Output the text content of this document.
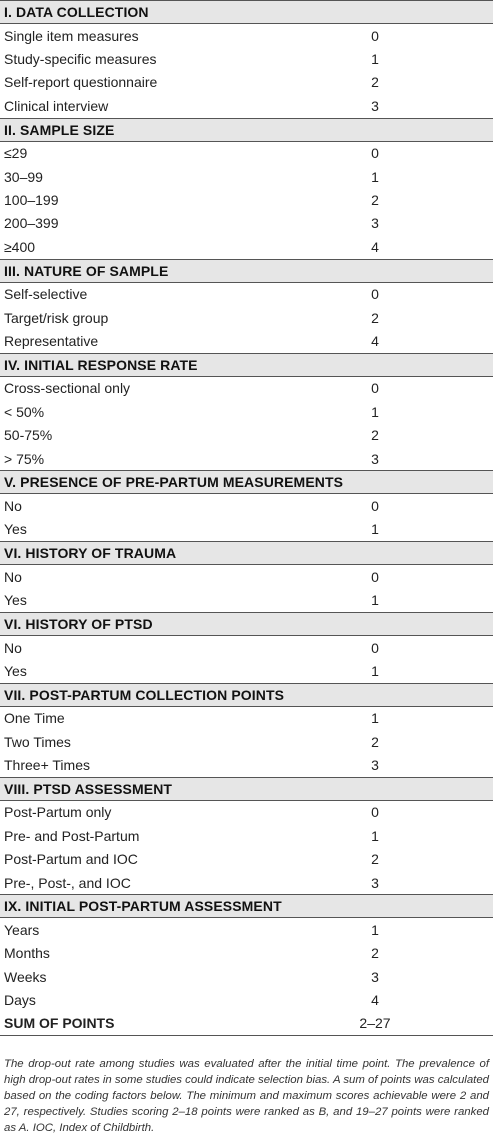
I. DATA COLLECTION
Single item measures	0
Study-specific measures	1
Self-report questionnaire	2
Clinical interview	3
II. SAMPLE SIZE
≤29	0
30–99	1
100–199	2
200–399	3
≥400	4
III. NATURE OF SAMPLE
Self-selective	0
Target/risk group	2
Representative	4
IV. INITIAL RESPONSE RATE
Cross-sectional only	0
< 50%	1
50-75%	2
> 75%	3
V. PRESENCE OF PRE-PARTUM MEASUREMENTS
No	0
Yes	1
VI. HISTORY OF TRAUMA
No	0
Yes	1
VI. HISTORY OF PTSD
No	0
Yes	1
VII. POST-PARTUM COLLECTION POINTS
One Time	1
Two Times	2
Three+ Times	3
VIII. PTSD ASSESSMENT
Post-Partum only	0
Pre- and Post-Partum	1
Post-Partum and IOC	2
Pre-, Post-, and IOC	3
IX. INITIAL POST-PARTUM ASSESSMENT
Years	1
Months	2
Weeks	3
Days	4
SUM OF POINTS	2–27
The drop-out rate among studies was evaluated after the initial time point. The prevalence of high drop-out rates in some studies could indicate selection bias. A sum of points was calculated based on the coding factors below. The minimum and maximum scores achievable were 2 and 27, respectively. Studies scoring 2–18 points were ranked as B, and 19–27 points were ranked as A. IOC, Index of Childbirth.
